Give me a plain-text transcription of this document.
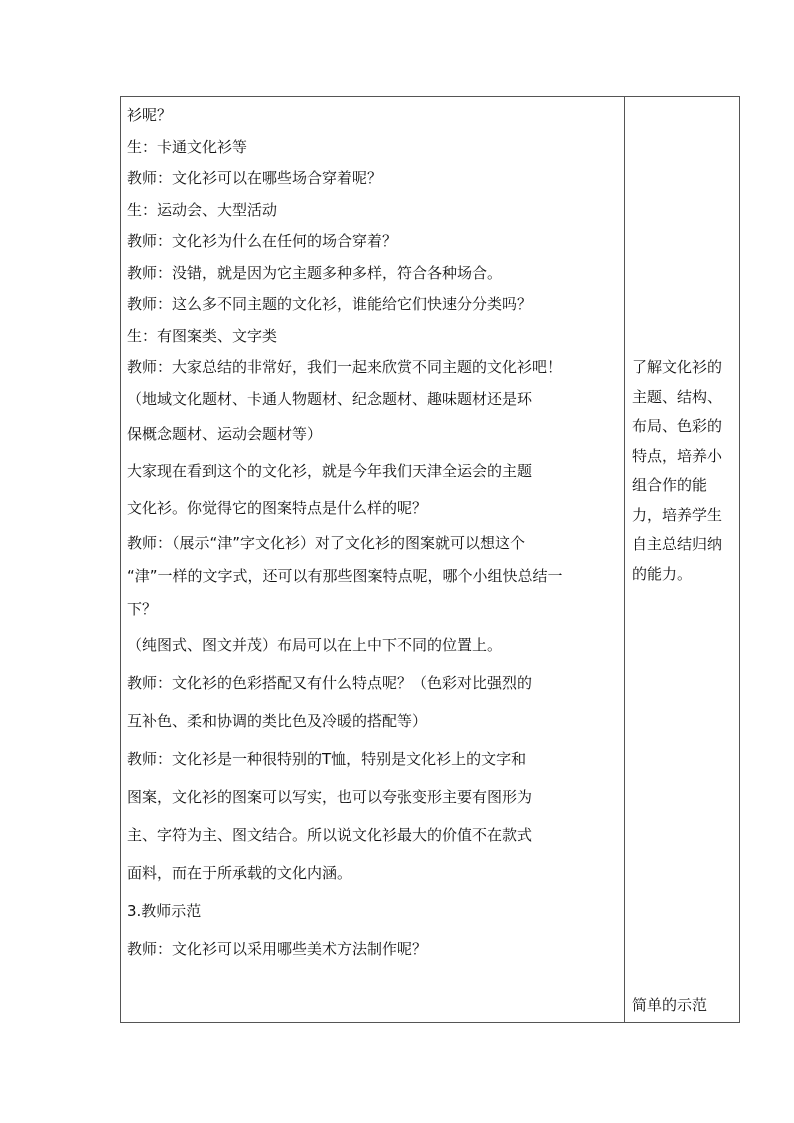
衫呢？
生：卡通文化衫等
教师：文化衫可以在哪些场合穿着呢？
生：运动会、大型活动
教师：文化衫为什么在任何的场合穿着？
教师：没错，就是因为它主题多种多样，符合各种场合。
教师：这么多不同主题的文化衫，谁能给它们快速分分类吗？
生：有图案类、文字类
教师：大家总结的非常好，我们一起来欣赏不同主题的文化衫吧！
（地域文化题材、卡通人物题材、纪念题材、趣味题材还是环
保概念题材、运动会题材等）
大家现在看到这个的文化衫，就是今年我们天津全运会的主题
文化衫。你觉得它的图案特点是什么样的呢？
教师：（展示“津”字文化衫）对了文化衫的图案就可以想这个
“津”一样的文字式，还可以有那些图案特点呢，哪个小组快总结一
下？
（纯图式、图文并茂）布局可以在上中下不同的位置上。
教师：文化衫的色彩搭配又有什么特点呢？（色彩对比强烈的
互补色、柔和协调的类比色及冷暖的搭配等）
教师：文化衫是一种很特别的T恤，特别是文化衫上的文字和
图案，文化衫的图案可以写实，也可以夸张变形主要有图形为
主、字符为主、图文结合。所以说文化衫最大的价值不在款式
面料，而在于所承载的文化内涵。
3.教师示范
教师：文化衫可以采用哪些美术方法制作呢？
了解文化衫的
主题、结构、
布局、色彩的
特点，培养小
组合作的能
力，培养学生
自主总结归纳
的能力。
简单的示范
